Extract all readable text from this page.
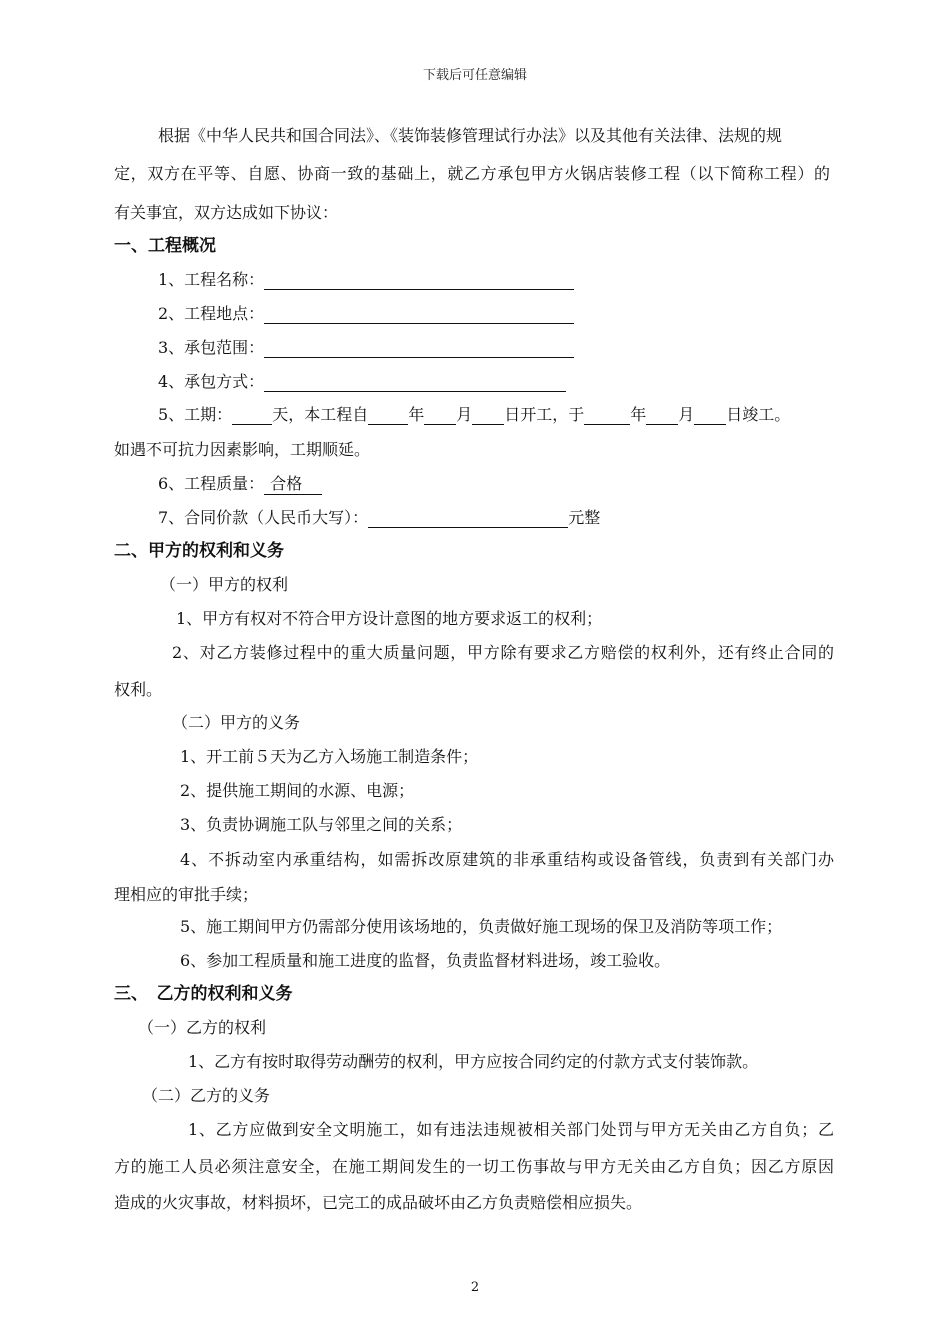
下载后可任意编辑
根据《中华人民共和国合同法》、《装饰装修管理试行办法》以及其他有关法律、法规的规
定，双方在平等、自愿、协商一致的基础上，就乙方承包甲方火锅店装修工程（以下简称工程）的
有关事宜，双方达成如下协议：
一、工程概况
1、工程名称：
2、工程地点：
3、承包范围：
4、承包方式：
5、工期：	天，本工程自	年 月 日开工，于	年 月 日竣工。
如遇不可抗力因素影响，工期顺延。
6、工程质量： 合格
7、合同价款（人民币大写）：	元整
二、甲方的权利和义务
（一）甲方的权利
1、甲方有权对不符合甲方设计意图的地方要求返工的权利；
2、对乙方装修过程中的重大质量问题，甲方除有要求乙方赔偿的权利外，还有终止合同的
权利。
（二）甲方的义务
1、开工前５天为乙方入场施工制造条件；
2、提供施工期间的水源、电源；
3、负责协调施工队与邻里之间的关系；
4、不拆动室内承重结构，如需拆改原建筑的非承重结构或设备管线，负责到有关部门办
理相应的审批手续；
5、施工期间甲方仍需部分使用该场地的，负责做好施工现场的保卫及消防等项工作；
6、参加工程质量和施工进度的监督，负责监督材料进场，竣工验收。
三、　乙方的权利和义务
（一）乙方的权利
1、乙方有按时取得劳动酬劳的权利，甲方应按合同约定的付款方式支付装饰款。
（二）乙方的义务
1、乙方应做到安全文明施工，如有违法违规被相关部门处罚与甲方无关由乙方自负；乙
方的施工人员必须注意安全，在施工期间发生的一切工伤事故与甲方无关由乙方自负；因乙方原因
造成的火灾事故，材料损坏，已完工的成品破坏由乙方负责赔偿相应损失。
2
